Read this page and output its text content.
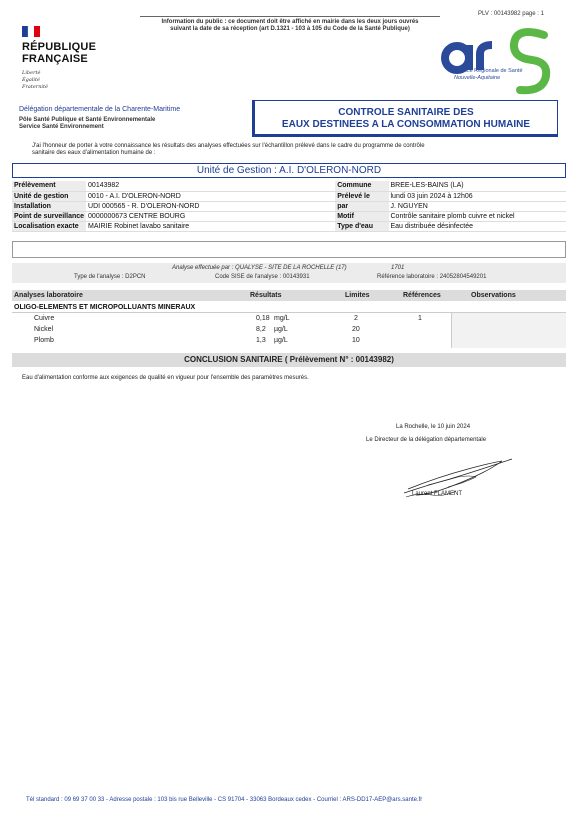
PLV : 00143982 page : 1
Information du public : ce document doit être affiché en mairie dans les deux jours ouvrés
suivant la date de sa réception (art D.1321 - 103 à 105 du Code de la Santé Publique)
RÉPUBLIQUE
FRANÇAISE
Liberté
Égalité
Fraternité
Agence Régionale de Santé
Nouvelle-Aquitaine
Délégation départementale de la Charente-Maritime
Pôle Santé Publique et Santé Environnementale
Service Santé Environnement
CONTROLE SANITAIRE DES
EAUX DESTINEES A LA CONSOMMATION HUMAINE
J'ai l'honneur de porter à votre connaissance les résultats des analyses effectuées sur l'échantillon prélevé dans le cadre du programme de contrôle
sanitaire des eaux d'alimentation humaine de :
Unité de Gestion : A.I. D'OLERON-NORD
Prélèvement	00143982	Commune	BREE-LES-BAINS (LA)
Unité de gestion	0010 - A.I. D'OLERON-NORD	Prélevé le	lundi 03 juin 2024 à 12h06
Installation	UDI 000565 - R. D'OLERON-NORD	par	J. NGUYEN
Point de surveillance	0000000673 CENTRE BOURG	Motif	Contrôle sanitaire plomb cuivre et nickel
Localisation exacte	MAIRIE Robinet lavabo sanitaire	Type d'eau	Eau distribuée désinfectée
Analyse effectuée par : QUALYSE - SITE DE LA ROCHELLE (17)	1701
Type de l'analyse : D2PCN	Code SISE de l'analyse : 00143931	Référence laboratoire : 24052804549201
Analyses laboratoire	Résultats	Limites	Références	Observations
OLIGO-ELEMENTS ET MICROPOLLUANTS MINERAUX
Cuivre	0,18 mg/L	2	1
Nickel	8,2 µg/L	20
Plomb	1,3 µg/L	10
CONCLUSION SANITAIRE ( Prélèvement N° : 00143982)
Eau d'alimentation conforme aux exigences de qualité en vigueur pour l'ensemble des paramètres mesurés.
La Rochelle, le 10 juin 2024
Le Directeur de la délégation départementale
Laurent FLAMENT
Tél standard : 09 69 37 00 33 - Adresse postale : 103 bis rue Belleville - CS 91704 - 33063 Bordeaux cedex - Courriel : ARS-DD17-AEP@ars.sante.fr
